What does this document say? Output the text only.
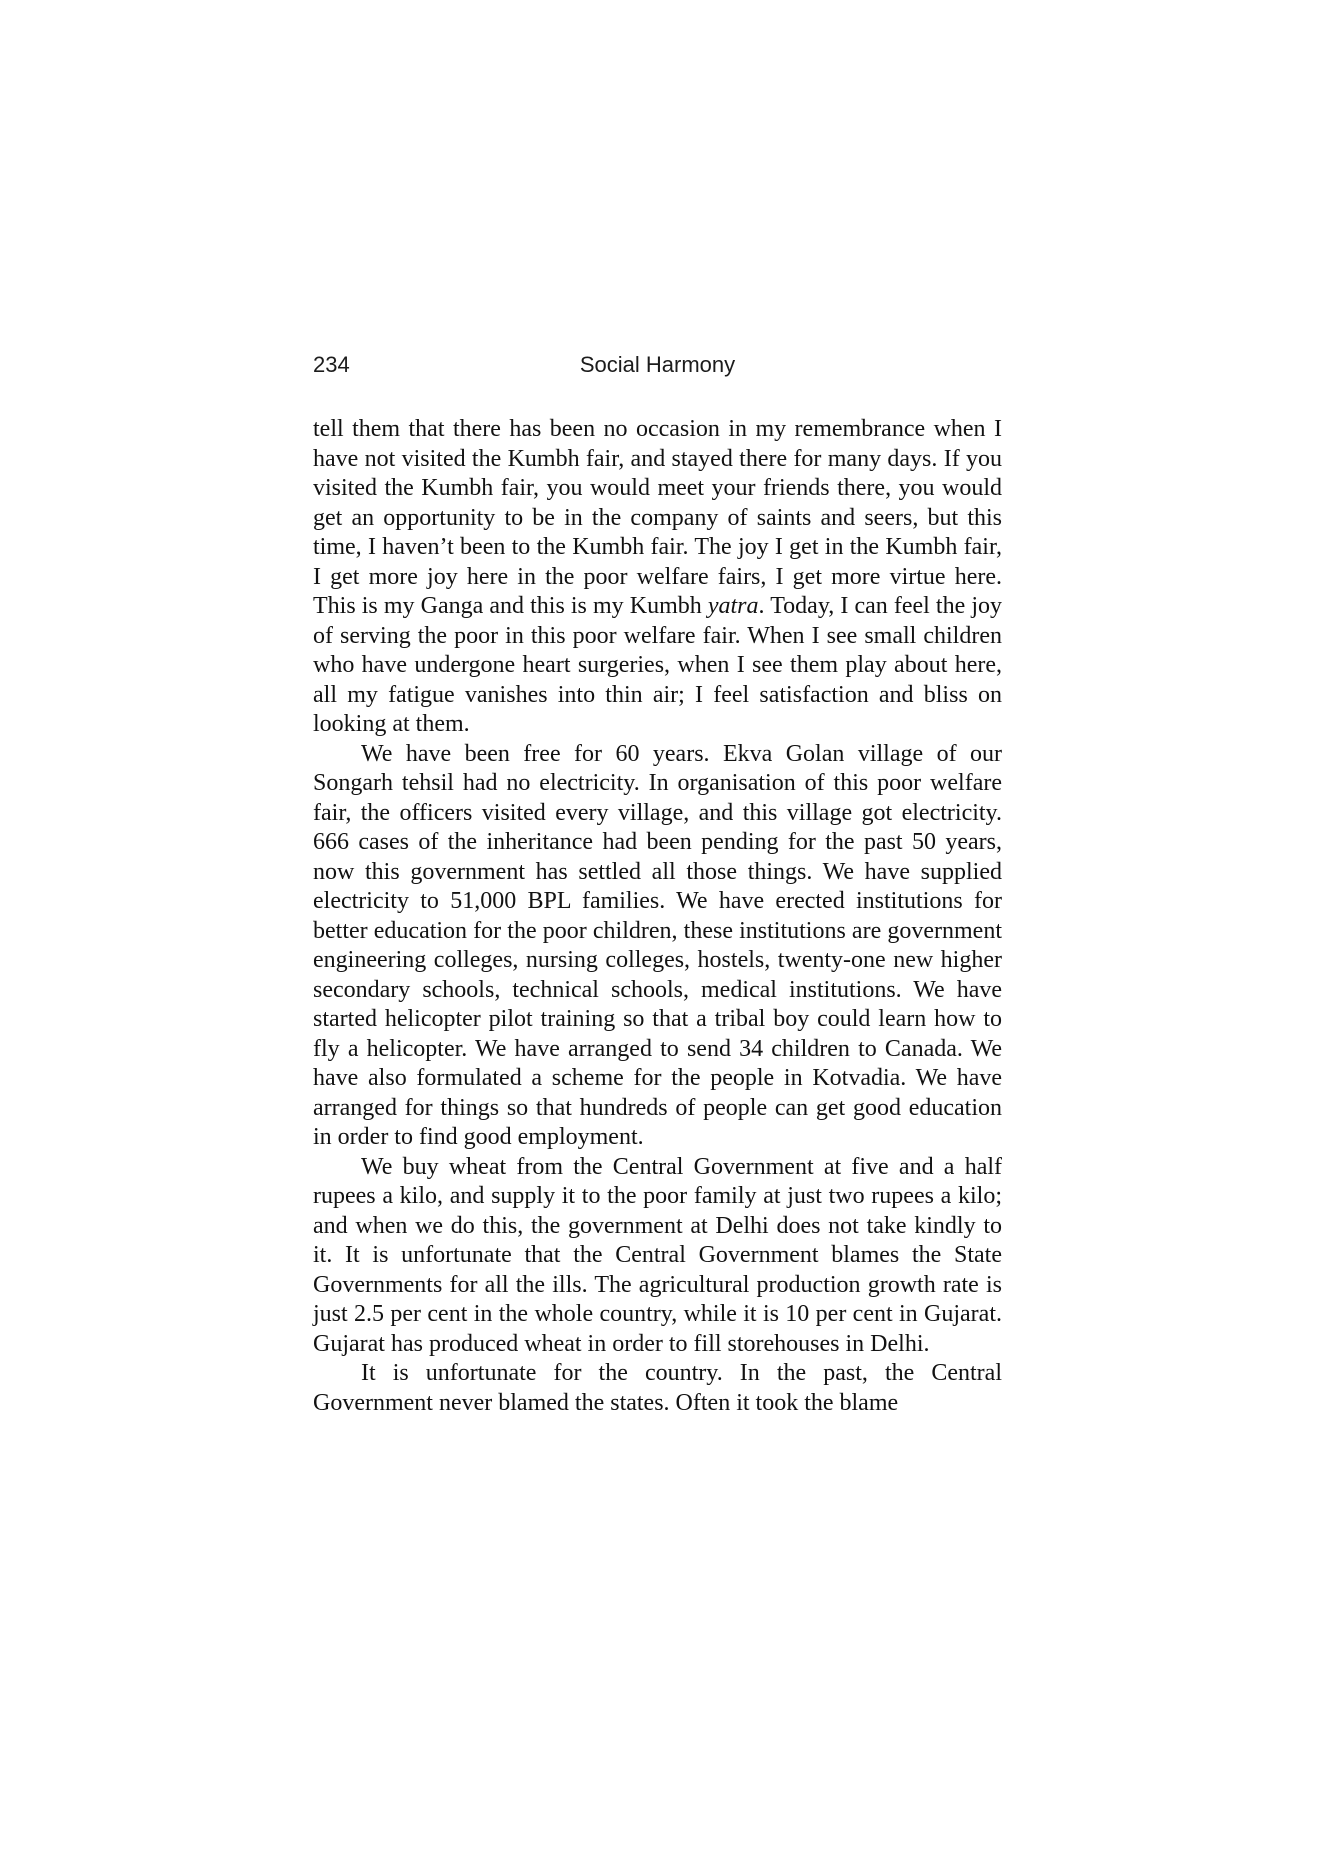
234	Social Harmony

tell them that there has been no occasion in my remembrance when I have not visited the Kumbh fair, and stayed there for many days. If you visited the Kumbh fair, you would meet your friends there, you would get an opportunity to be in the company of saints and seers, but this time, I haven’t been to the Kumbh fair. The joy I get in the Kumbh fair, I get more joy here in the poor welfare fairs, I get more virtue here. This is my Ganga and this is my Kumbh yatra. Today, I can feel the joy of serving the poor in this poor welfare fair. When I see small children who have undergone heart surgeries, when I see them play about here, all my fatigue vanishes into thin air; I feel satisfaction and bliss on looking at them.

We have been free for 60 years. Ekva Golan village of our Songarh tehsil had no electricity. In organisation of this poor welfare fair, the officers visited every village, and this village got electricity. 666 cases of the inheritance had been pending for the past 50 years, now this government has settled all those things. We have supplied electricity to 51,000 BPL families. We have erected institutions for better education for the poor children, these institutions are government engineering colleges, nursing colleges, hostels, twenty-one new higher secondary schools, technical schools, medical institutions. We have started helicopter pilot training so that a tribal boy could learn how to fly a helicopter. We have arranged to send 34 children to Canada. We have also formulated a scheme for the people in Kotvadia. We have arranged for things so that hundreds of people can get good education in order to find good employment.

We buy wheat from the Central Government at five and a half rupees a kilo, and supply it to the poor family at just two rupees a kilo; and when we do this, the government at Delhi does not take kindly to it. It is unfortunate that the Central Government blames the State Governments for all the ills. The agricultural production growth rate is just 2.5 per cent in the whole country, while it is 10 per cent in Gujarat. Gujarat has produced wheat in order to fill storehouses in Delhi.

It is unfortunate for the country. In the past, the Central Government never blamed the states. Often it took the blame
